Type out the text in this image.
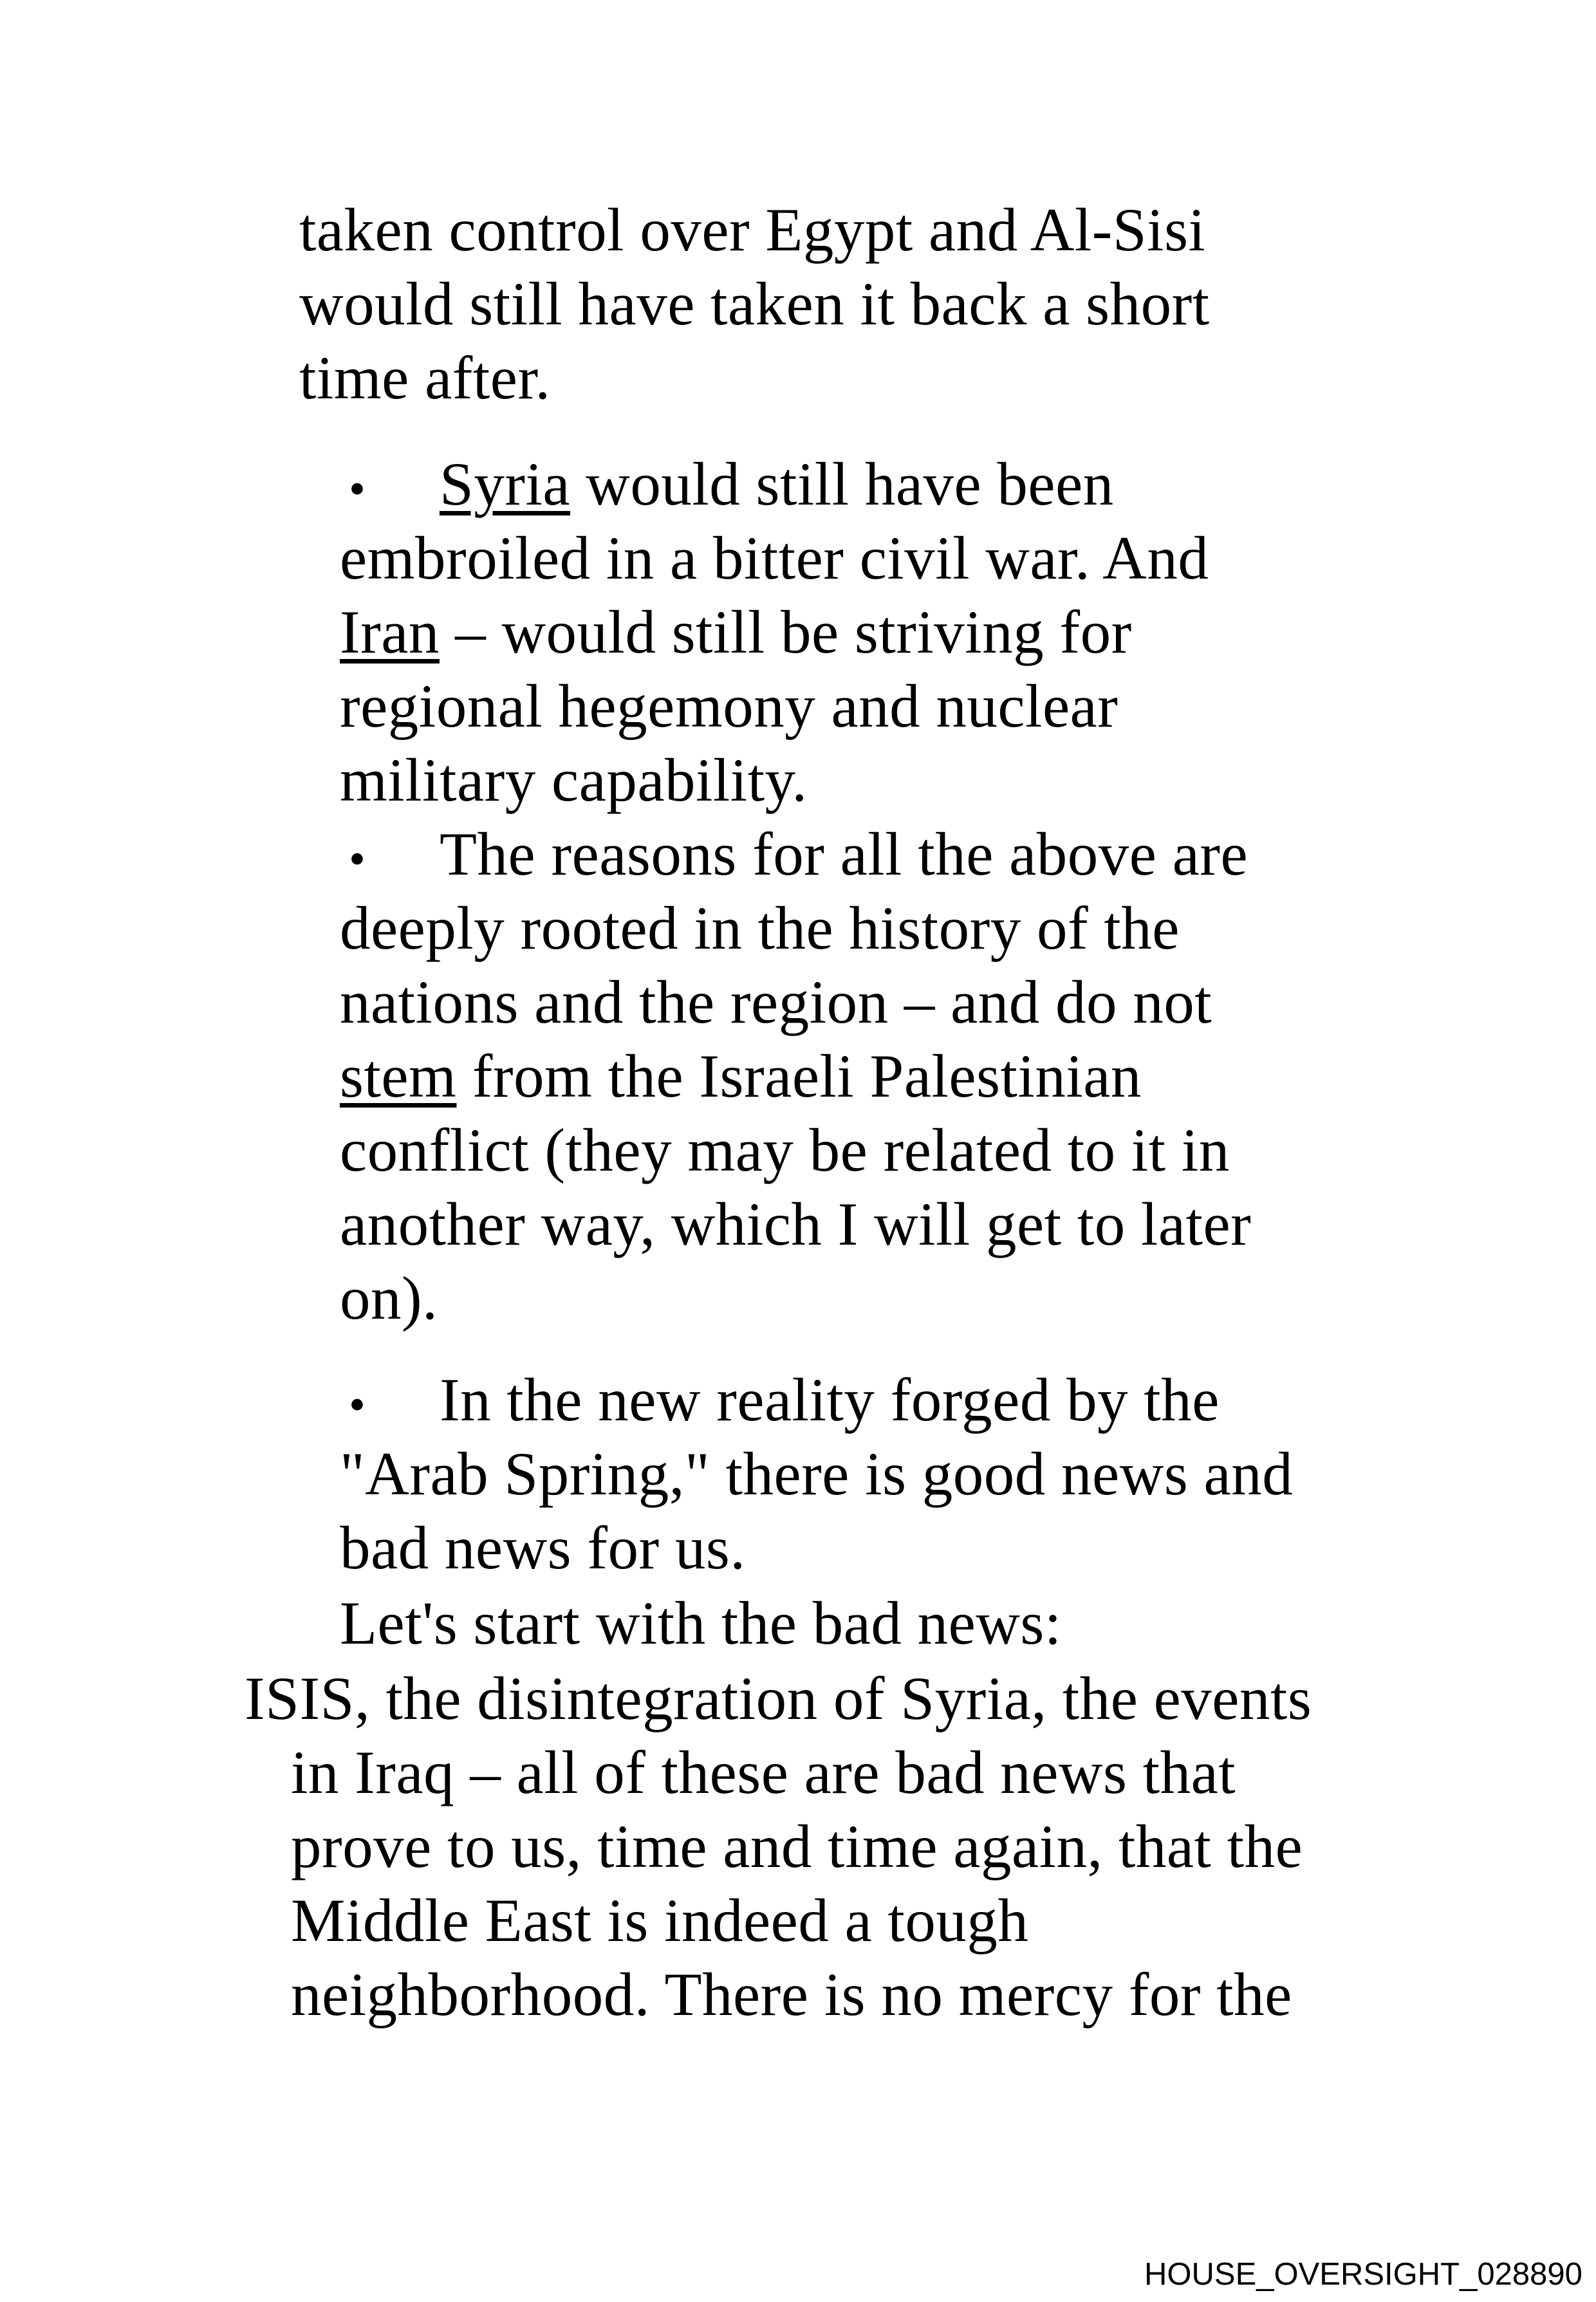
taken control over Egypt and Al-Sisi
would still have taken it back a short
time after.
• Syria would still have been
embroiled in a bitter civil war. And
Iran – would still be striving for
regional hegemony and nuclear
military capability.
• The reasons for all the above are
deeply rooted in the history of the
nations and the region – and do not
stem from the Israeli Palestinian
conflict (they may be related to it in
another way, which I will get to later
on).
• In the new reality forged by the
"Arab Spring," there is good news and
bad news for us.
Let's start with the bad news:
ISIS, the disintegration of Syria, the events
in Iraq – all of these are bad news that
prove to us, time and time again, that the
Middle East is indeed a tough
neighborhood. There is no mercy for the
HOUSE_OVERSIGHT_028890
